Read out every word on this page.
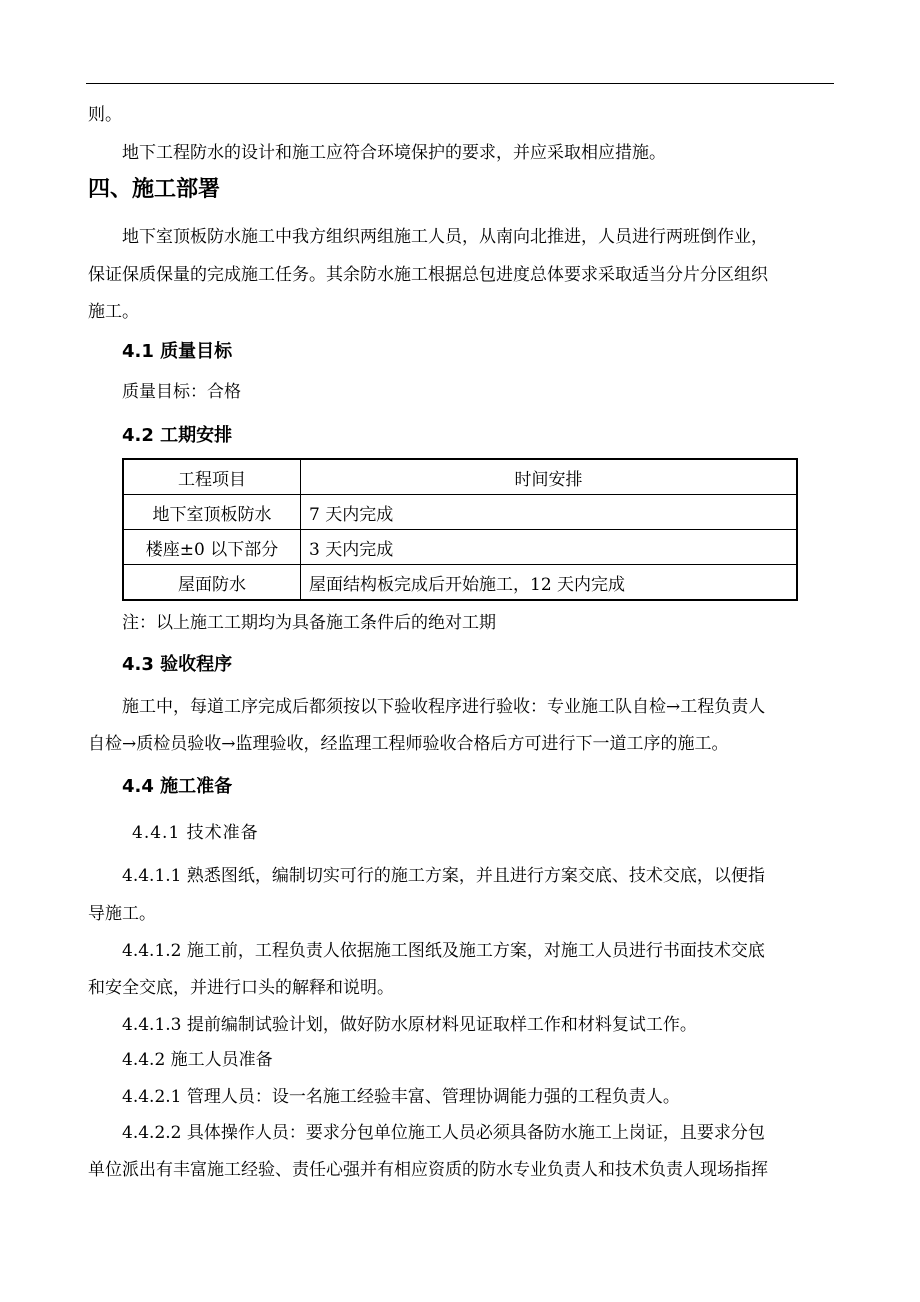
则。
地下工程防水的设计和施工应符合环境保护的要求，并应采取相应措施。
四、施工部署
地下室顶板防水施工中我方组织两组施工人员，从南向北推进，人员进行两班倒作业，
保证保质保量的完成施工任务。其余防水施工根据总包进度总体要求采取适当分片分区组织
施工。
4.1 质量目标
质量目标：合格
4.2 工期安排
工程项目	时间安排
地下室顶板防水	7 天内完成
楼座±0 以下部分	3 天内完成
屋面防水	屋面结构板完成后开始施工，12 天内完成
注：以上施工工期均为具备施工条件后的绝对工期
4.3 验收程序
施工中，每道工序完成后都须按以下验收程序进行验收：专业施工队自检→工程负责人
自检→质检员验收→监理验收，经监理工程师验收合格后方可进行下一道工序的施工。
4.4 施工准备
4.4.1 技术准备
4.4.1.1 熟悉图纸，编制切实可行的施工方案，并且进行方案交底、技术交底，以便指
导施工。
4.4.1.2 施工前，工程负责人依据施工图纸及施工方案，对施工人员进行书面技术交底
和安全交底，并进行口头的解释和说明。
4.4.1.3 提前编制试验计划，做好防水原材料见证取样工作和材料复试工作。
4.4.2 施工人员准备
4.4.2.1 管理人员：设一名施工经验丰富、管理协调能力强的工程负责人。
4.4.2.2 具体操作人员：要求分包单位施工人员必须具备防水施工上岗证，且要求分包
单位派出有丰富施工经验、责任心强并有相应资质的防水专业负责人和技术负责人现场指挥
